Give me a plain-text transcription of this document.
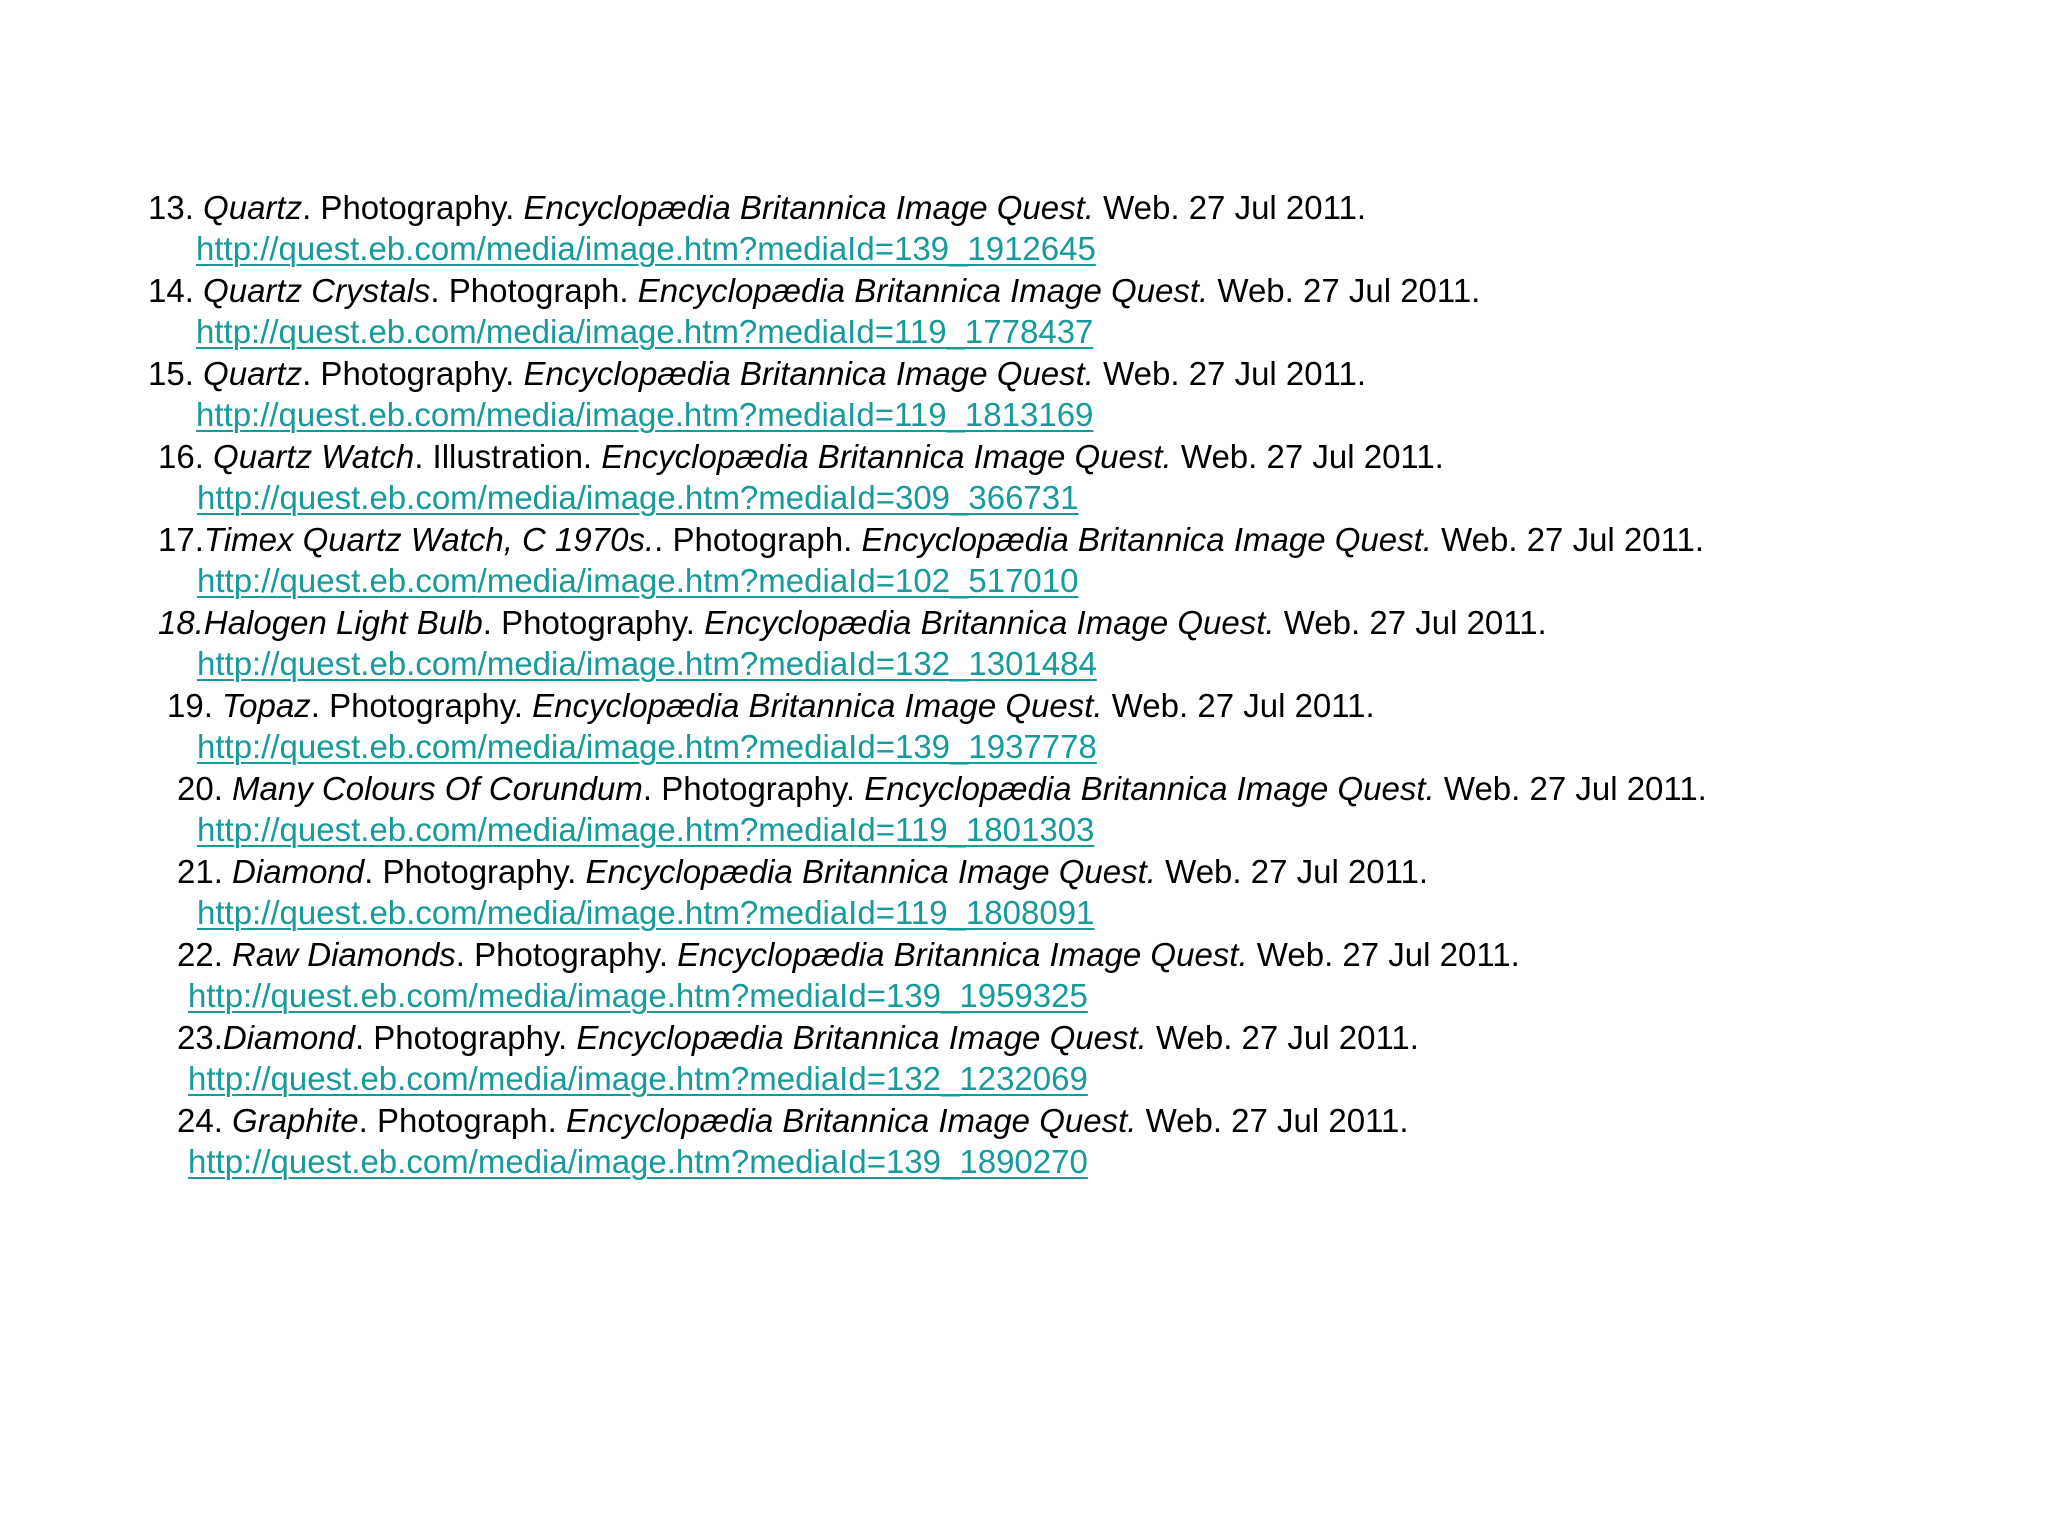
13. Quartz. Photography. Encyclopædia Britannica Image Quest. Web. 27 Jul 2011.
http://quest.eb.com/media/image.htm?mediaId=139_1912645
14. Quartz Crystals. Photograph. Encyclopædia Britannica Image Quest. Web. 27 Jul 2011.
http://quest.eb.com/media/image.htm?mediaId=119_1778437
15. Quartz. Photography. Encyclopædia Britannica Image Quest. Web. 27 Jul 2011.
http://quest.eb.com/media/image.htm?mediaId=119_1813169
16. Quartz Watch. Illustration. Encyclopædia Britannica Image Quest. Web. 27 Jul 2011.
http://quest.eb.com/media/image.htm?mediaId=309_366731
17.Timex Quartz Watch, C 1970s.. Photograph. Encyclopædia Britannica Image Quest. Web. 27 Jul 2011.
http://quest.eb.com/media/image.htm?mediaId=102_517010
18.Halogen Light Bulb. Photography. Encyclopædia Britannica Image Quest. Web. 27 Jul 2011.
http://quest.eb.com/media/image.htm?mediaId=132_1301484
19. Topaz. Photography. Encyclopædia Britannica Image Quest. Web. 27 Jul 2011.
http://quest.eb.com/media/image.htm?mediaId=139_1937778
20. Many Colours Of Corundum. Photography. Encyclopædia Britannica Image Quest. Web. 27 Jul 2011.
http://quest.eb.com/media/image.htm?mediaId=119_1801303
21. Diamond. Photography. Encyclopædia Britannica Image Quest. Web. 27 Jul 2011.
http://quest.eb.com/media/image.htm?mediaId=119_1808091
22. Raw Diamonds. Photography. Encyclopædia Britannica Image Quest. Web. 27 Jul 2011.
http://quest.eb.com/media/image.htm?mediaId=139_1959325
23.Diamond. Photography. Encyclopædia Britannica Image Quest. Web. 27 Jul 2011.
http://quest.eb.com/media/image.htm?mediaId=132_1232069
24. Graphite. Photograph. Encyclopædia Britannica Image Quest. Web. 27 Jul 2011.
http://quest.eb.com/media/image.htm?mediaId=139_1890270
